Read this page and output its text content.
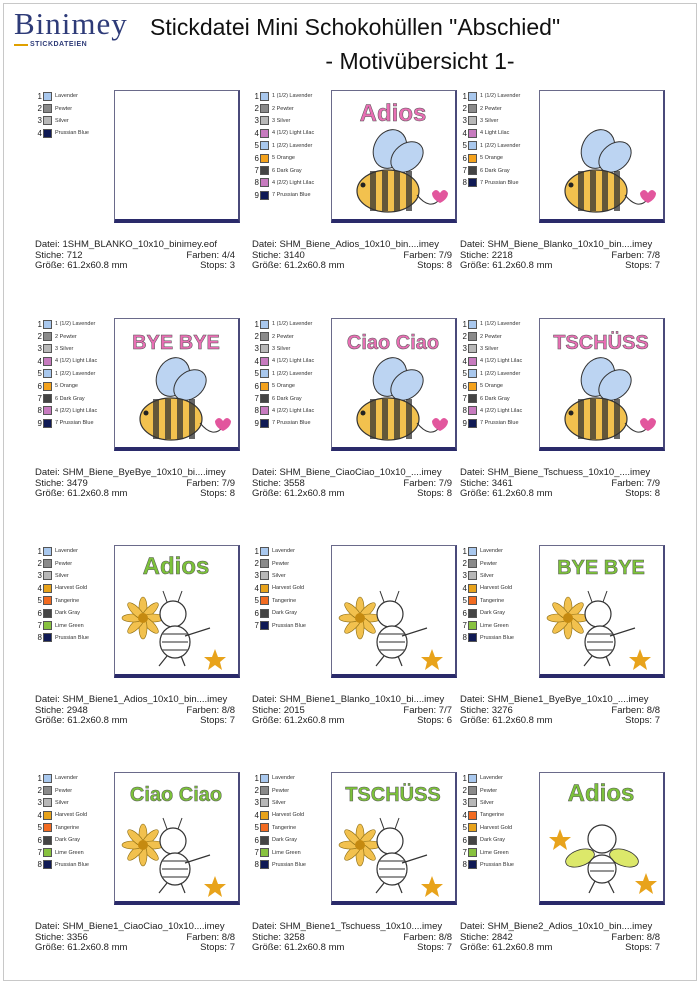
Binimey
STICKDATEIEN
Stickdatei Mini Schokohüllen "Abschied"
- Motivübersicht 1-
1 Lavender
2 Pewter
3 Silver
4 Prussian Blue
Datei: 1SHM_BLANKO_10x10_binimey.eof
Stiche: 712	Farben: 4/4
Größe: 61.2x60.8 mm	Stops: 3
1 1 (1/2) Lavender
2 2 Pewter
3 3 Silver
4 4 (1/2) Light Lilac
5 1 (2/2) Lavender
6 5 Orange
7 6 Dark Gray
8 4 (2/2) Light Lilac
9 7 Prussian Blue
Adios
Datei: SHM_Biene_Adios_10x10_bin....imey
Stiche: 3140	Farben: 7/9
Größe: 61.2x60.8 mm	Stops: 8
1 1 (1/2) Lavender
2 2 Pewter
3 3 Silver
4 4 Light Lilac
5 1 (2/2) Lavender
6 5 Orange
7 6 Dark Gray
8 7 Prussian Blue
Datei: SHM_Biene_Blanko_10x10_bin....imey
Stiche: 2218	Farben: 7/8
Größe: 61.2x60.8 mm	Stops: 7
1 1 (1/2) Lavender
2 2 Pewter
3 3 Silver
4 4 (1/2) Light Lilac
5 1 (2/2) Lavender
6 5 Orange
7 6 Dark Gray
8 4 (2/2) Light Lilac
9 7 Prussian Blue
BYE BYE
Datei: SHM_Biene_ByeBye_10x10_bi....imey
Stiche: 3479	Farben: 7/9
Größe: 61.2x60.8 mm	Stops: 8
1 1 (1/2) Lavender
2 2 Pewter
3 3 Silver
4 4 (1/2) Light Lilac
5 1 (2/2) Lavender
6 5 Orange
7 6 Dark Gray
8 4 (2/2) Light Lilac
9 7 Prussian Blue
Ciao Ciao
Datei: SHM_Biene_CiaoCiao_10x10_....imey
Stiche: 3558	Farben: 7/9
Größe: 61.2x60.8 mm	Stops: 8
1 1 (1/2) Lavender
2 2 Pewter
3 3 Silver
4 4 (1/2) Light Lilac
5 1 (2/2) Lavender
6 5 Orange
7 6 Dark Gray
8 4 (2/2) Light Lilac
9 7 Prussian Blue
TSCHÜSS
Datei: SHM_Biene_Tschuess_10x10_....imey
Stiche: 3461	Farben: 7/9
Größe: 61.2x60.8 mm	Stops: 8
1 Lavender
2 Pewter
3 Silver
4 Harvest Gold
5 Tangerine
6 Dark Gray
7 Lime Green
8 Prussian Blue
Adios
Datei: SHM_Biene1_Adios_10x10_bin....imey
Stiche: 2948	Farben: 8/8
Größe: 61.2x60.8 mm	Stops: 7
1 Lavender
2 Pewter
3 Silver
4 Harvest Gold
5 Tangerine
6 Dark Gray
7 Prussian Blue
Datei: SHM_Biene1_Blanko_10x10_bi....imey
Stiche: 2015	Farben: 7/7
Größe: 61.2x60.8 mm	Stops: 6
1 Lavender
2 Pewter
3 Silver
4 Harvest Gold
5 Tangerine
6 Dark Gray
7 Lime Green
8 Prussian Blue
BYE BYE
Datei: SHM_Biene1_ByeBye_10x10_....imey
Stiche: 3276	Farben: 8/8
Größe: 61.2x60.8 mm	Stops: 7
1 Lavender
2 Pewter
3 Silver
4 Harvest Gold
5 Tangerine
6 Dark Gray
7 Lime Green
8 Prussian Blue
Ciao Ciao
Datei: SHM_Biene1_CiaoCiao_10x10....imey
Stiche: 3356	Farben: 8/8
Größe: 61.2x60.8 mm	Stops: 7
1 Lavender
2 Pewter
3 Silver
4 Harvest Gold
5 Tangerine
6 Dark Gray
7 Lime Green
8 Prussian Blue
TSCHÜSS
Datei: SHM_Biene1_Tschuess_10x10....imey
Stiche: 3258	Farben: 8/8
Größe: 61.2x60.8 mm	Stops: 7
1 Lavender
2 Pewter
3 Silver
4 Tangerine
5 Harvest Gold
6 Dark Gray
7 Lime Green
8 Prussian Blue
Adios
Datei: SHM_Biene2_Adios_10x10_bin....imey
Stiche: 2842	Farben: 8/8
Größe: 61.2x60.8 mm	Stops: 7
